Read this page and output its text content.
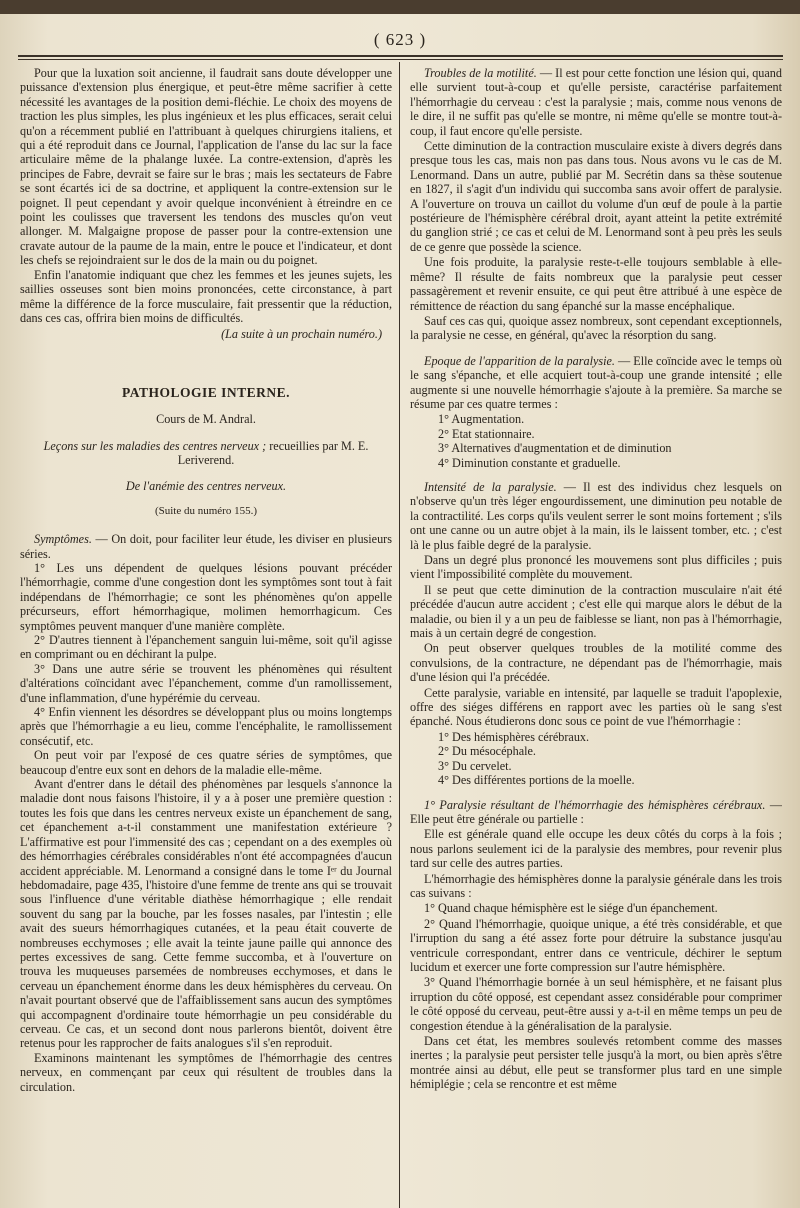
( 623 )

Pour que la luxation soit ancienne, il faudrait sans doute développer une puissance d'extension plus énergique, et peut-être même sacrifier à cette nécessité les avantages de la position demi-fléchie. Le choix des moyens de traction les plus simples, les plus ingénieux et les plus efficaces, serait celui qu'on a récemment publié en l'attribuant à quelques chirurgiens italiens, et qui a été reproduit dans ce Journal, l'application de l'anse du lac sur la face articulaire même de la phalange luxée. La contre-extension, d'après les principes de Fabre, devrait se faire sur le bras ; mais les sectateurs de Fabre se sont écartés ici de sa doctrine, et appliquent la contre-extension sur le poignet. Il peut cependant y avoir quelque inconvénient à étreindre en ce point les coulisses que traversent les tendons des muscles qu'on veut allonger. M. Malgaigne propose de passer pour la contre-extension une cravate autour de la paume de la main, entre le pouce et l'indicateur, et dont les chefs se rejoindraient sur le dos de la main ou du poignet.

Enfin l'anatomie indiquant que chez les femmes et les jeunes sujets, les saillies osseuses sont bien moins prononcées, cette circonstance, à part même la différence de la force musculaire, fait pressentir que la réduction, dans ces cas, offrira bien moins de difficultés.

(La suite à un prochain numéro.)
PATHOLOGIE INTERNE.
Cours de M. Andral.
Leçons sur les maladies des centres nerveux ; recueillies par M. E. Leriverend.
De l'anémie des centres nerveux.
(Suite du numéro 155.)

Symptômes. — On doit, pour faciliter leur étude, les diviser en plusieurs séries.

1° Les uns dépendent de quelques lésions pouvant précéder l'hémorrhagie, comme d'une congestion dont les symptômes sont tout à fait indépendans de l'hémorrhagie; ce sont les phénomènes qu'on appelle précurseurs, effort hémorrhagique, molimen hemorrhagicum. Ces symptômes peuvent manquer d'une manière complète.

2° D'autres tiennent à l'épanchement sanguin lui-même, soit qu'il agisse en comprimant ou en déchirant la pulpe.

3° Dans une autre série se trouvent les phénomènes qui résultent d'altérations coïncidant avec l'épanchement, comme d'un ramollissement, d'une inflammation, d'une hypérémie du cerveau.

4° Enfin viennent les désordres se développant plus ou moins longtemps après que l'hémorrhagie a eu lieu, comme l'encéphalite, le ramollissement consécutif, etc.

On peut voir par l'exposé de ces quatre séries de symptômes, que beaucoup d'entre eux sont en dehors de la maladie elle-même.

Avant d'entrer dans le détail des phénomènes par lesquels s'annonce la maladie dont nous faisons l'histoire, il y a à poser une première question : toutes les fois que dans les centres nerveux existe un épanchement de sang, cet épanchement a-t-il constamment une manifestation extérieure ? L'affirmative est pour l'immensité des cas ; cependant on a des exemples où des hémorrhagies cérébrales considérables n'ont été accompagnées d'aucun accident appréciable. M. Lenormand a consigné dans le tome Iᵉʳ du Journal hebdomadaire, page 435, l'histoire d'une femme de trente ans qui se trouvait sous l'influence d'une véritable diathèse hémorrhagique ; elle rendait souvent du sang par la bouche, par les fosses nasales, par l'intestin ; elle avait des sueurs hémorrhagiques cutanées, et la peau était couverte de nombreuses ecchymoses ; elle avait la teinte jaune paille qui annonce des pertes excessives de sang. Cette femme succomba, et à l'ouverture on trouva les muqueuses parsemées de nombreuses ecchymoses, et dans le cerveau un épanchement énorme dans les deux hémisphères du cerveau. On n'avait pourtant observé que de l'affaiblissement sans aucun des symptômes qui accompagnent d'ordinaire toute hémorrhagie un peu considérable du cerveau. Ce cas, et un second dont nous parlerons bientôt, doivent être retenus pour les rapprocher de faits analogues s'il s'en reproduit.

Examinons maintenant les symptômes de l'hémorrhagie des centres nerveux, en commençant par ceux qui résultent de troubles dans la circulation.

Troubles de la motilité. — Il est pour cette fonction une lésion qui, quand elle survient tout-à-coup et qu'elle persiste, caractérise parfaitement l'hémorrhagie du cerveau : c'est la paralysie ; mais, comme nous venons de le dire, il ne suffit pas qu'elle se montre, ni même qu'elle se montre tout-à-coup, il faut encore qu'elle persiste.

Cette diminution de la contraction musculaire existe à divers degrés dans presque tous les cas, mais non pas dans tous. Nous avons vu le cas de M. Lenormand. Dans un autre, publié par M. Secrétin dans sa thèse soutenue en 1827, il s'agit d'un individu qui succomba sans avoir offert de paralysie. A l'ouverture on trouva un caillot du volume d'un œuf de poule à la partie postérieure de l'hémisphère cérébral droit, ayant atteint la petite extrémité du ganglion strié ; ce cas et celui de M. Lenormand sont à peu près les seuls de ce genre que possède la science.

Une fois produite, la paralysie reste-t-elle toujours semblable à elle-même? Il résulte de faits nombreux que la paralysie peut cesser passagèrement et revenir ensuite, ce qui peut être attribué à une espèce de rémittence de réaction du sang épanché sur la masse encéphalique.

Sauf ces cas qui, quoique assez nombreux, sont cependant exceptionnels, la paralysie ne cesse, en général, qu'avec la résorption du sang.

Epoque de l'apparition de la paralysie. — Elle coïncide avec le temps où le sang s'épanche, et elle acquiert tout-à-coup une grande intensité ; elle augmente si une nouvelle hémorrhagie s'ajoute à la première. Sa marche se résume par ces quatre termes :

1° Augmentation.
2° Etat stationnaire.
3° Alternatives d'augmentation et de diminution
4° Diminution constante et graduelle.

Intensité de la paralysie. — Il est des individus chez lesquels on n'observe qu'un très léger engourdissement, une diminution peu notable de la contractilité. Les corps qu'ils veulent serrer le sont moins fortement ; s'ils ont une canne ou un autre objet à la main, ils le laissent tomber, etc. ; c'est là le plus faible degré de la paralysie.

Dans un degré plus prononcé les mouvemens sont plus difficiles ; puis vient l'impossibilité complète du mouvement.

Il se peut que cette diminution de la contraction musculaire n'ait été précédée d'aucun autre accident ; c'est elle qui marque alors le début de la maladie, ou bien il y a un peu de faiblesse se liant, non pas à l'hémorrhagie, mais à un certain degré de congestion.

On peut observer quelques troubles de la motilité comme des convulsions, de la contracture, ne dépendant pas de l'hémorrhagie, mais d'une lésion qui l'a précédée.

Cette paralysie, variable en intensité, par laquelle se traduit l'apoplexie, offre des siéges différens en rapport avec les parties où le sang s'est épanché. Nous étudierons donc sous ce point de vue l'hémorrhagie :

1° Des hémisphères cérébraux.
2° Du mésocéphale.
3° Du cervelet.
4° Des différentes portions de la moelle.

1° Paralysie résultant de l'hémorrhagie des hémisphères cérébraux. — Elle peut être générale ou partielle :

Elle est générale quand elle occupe les deux côtés du corps à la fois ; nous parlons seulement ici de la paralysie des membres, pour revenir plus tard sur celle des autres parties.

L'hémorrhagie des hémisphères donne la paralysie générale dans les trois cas suivans :

1° Quand chaque hémisphère est le siége d'un épanchement.

2° Quand l'hémorrhagie, quoique unique, a été très considérable, et que l'irruption du sang a été assez forte pour détruire la substance jusqu'au ventricule correspondant, entrer dans ce ventricule, déchirer le septum lucidum et exercer une forte compression sur l'autre hémisphère.

3° Quand l'hémorrhagie bornée à un seul hémisphère, et ne faisant plus irruption du côté opposé, est cependant assez considérable pour comprimer le côté opposé du cerveau, peut-être aussi y a-t-il en même temps un peu de congestion étendue à la généralisation de la paralysie.

Dans cet état, les membres soulevés retombent comme des masses inertes ; la paralysie peut persister telle jusqu'à la mort, ou bien après s'être montrée ainsi au début, elle peut se transformer plus tard en une simple hémiplégie ; cela se rencontre et est même
